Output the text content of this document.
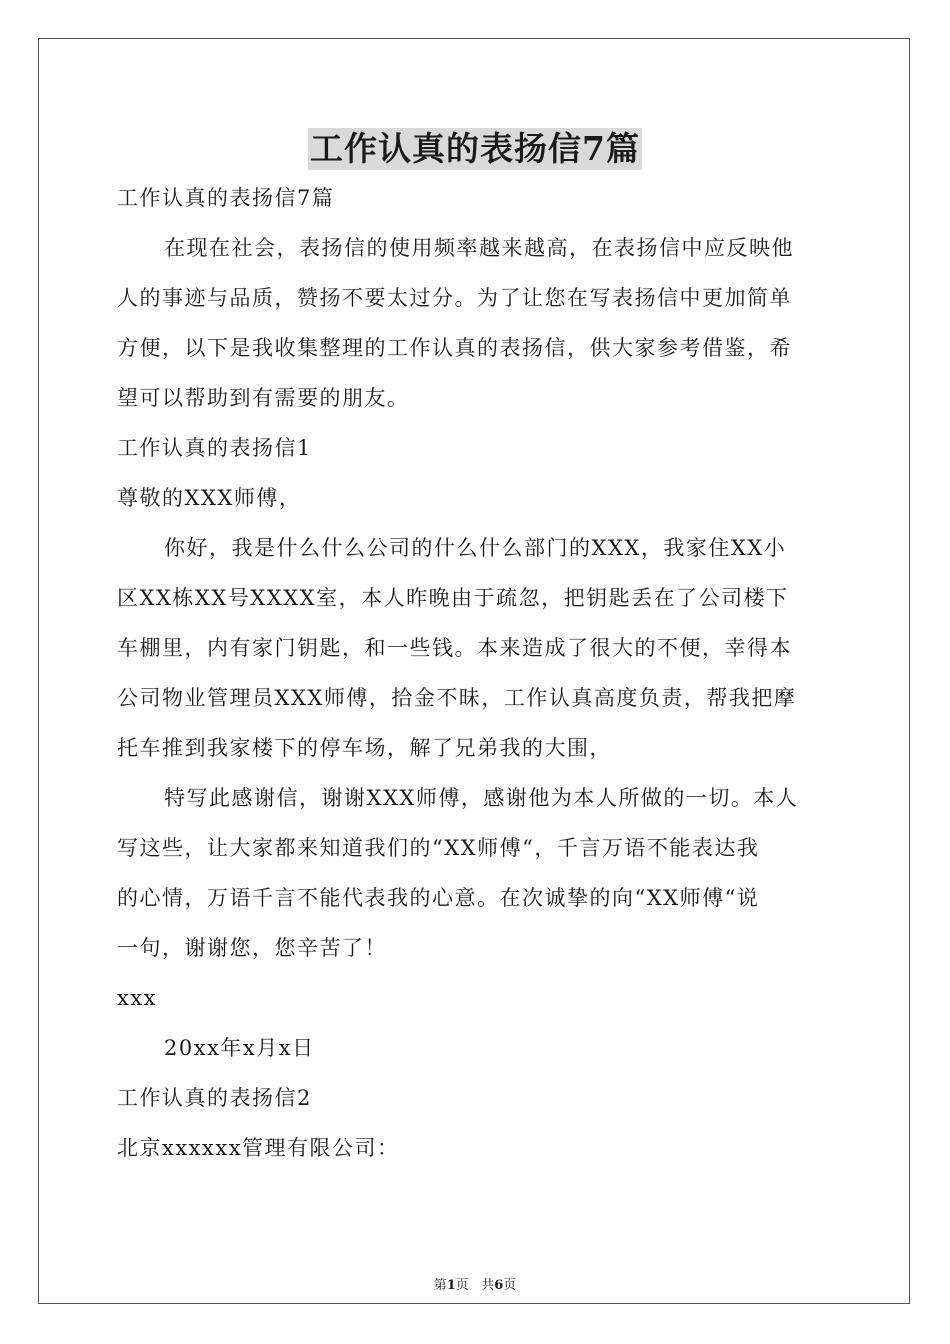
工作认真的表扬信7篇
工作认真的表扬信7篇
在现在社会，表扬信的使用频率越来越高，在表扬信中应反映他
人的事迹与品质，赞扬不要太过分。为了让您在写表扬信中更加简单
方便，以下是我收集整理的工作认真的表扬信，供大家参考借鉴，希
望可以帮助到有需要的朋友。
工作认真的表扬信1
尊敬的XXX师傅，
你好，我是什么什么公司的什么什么部门的XXX，我家住XX小
区XX栋XX号XXXX室，本人昨晚由于疏忽，把钥匙丢在了公司楼下
车棚里，内有家门钥匙，和一些钱。本来造成了很大的不便，幸得本
公司物业管理员XXX师傅，拾金不昧，工作认真高度负责，帮我把摩
托车推到我家楼下的停车场，解了兄弟我的大围，
特写此感谢信，谢谢XXX师傅，感谢他为本人所做的一切。本人
写这些，让大家都来知道我们的“XX师傅“，千言万语不能表达我
的心情，万语千言不能代表我的心意。在次诚挚的向“XX师傅“说
一句，谢谢您，您辛苦了！
xxx
20xx年x月x日
工作认真的表扬信2
北京xxxxxx管理有限公司：
第1页 共6页
